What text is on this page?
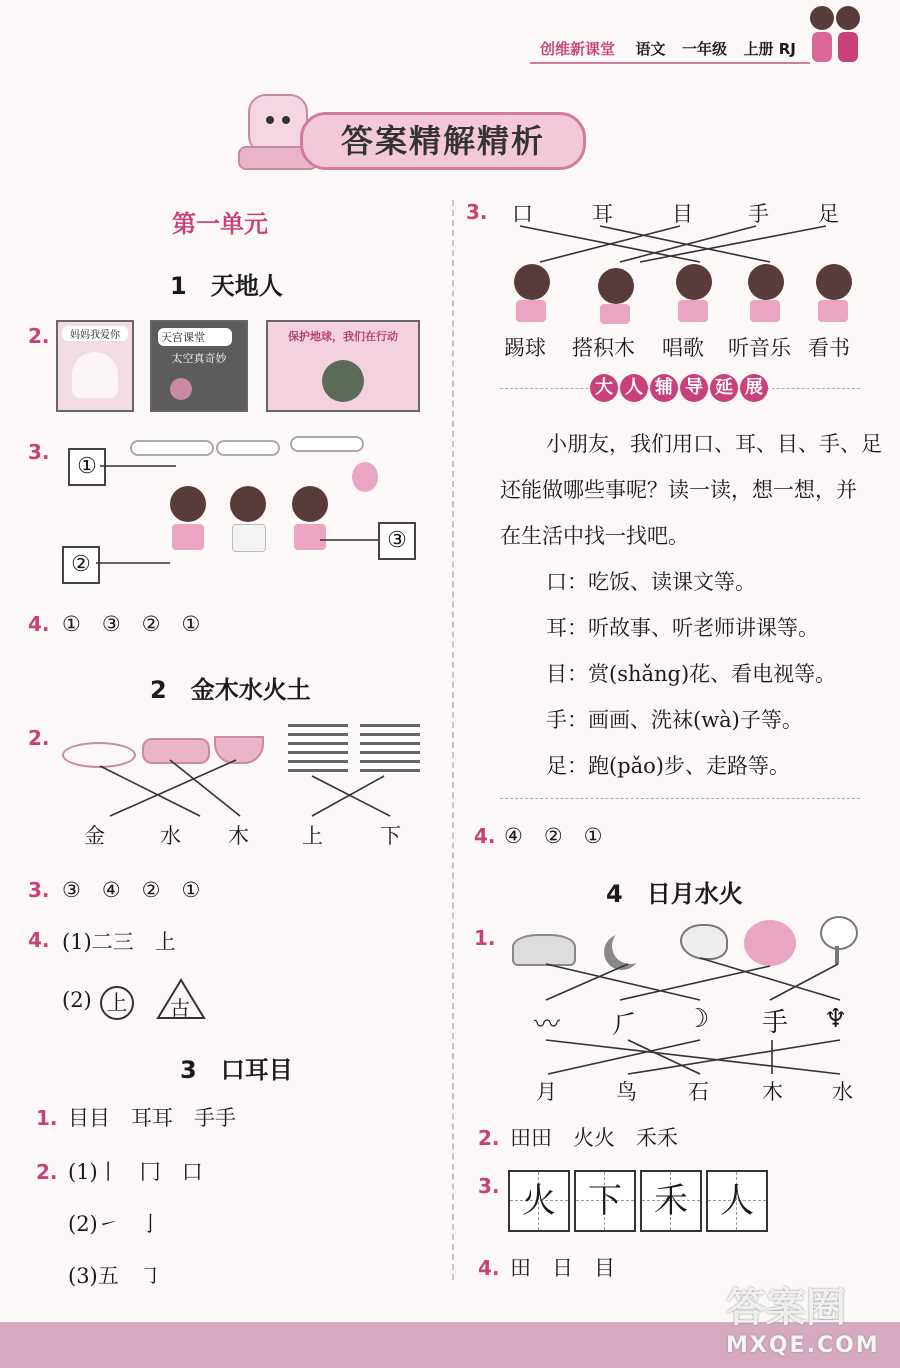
创维新课堂 语文 一年级 上册 RJ
答案精解精析
第一单元
1　天地人
2.	妈妈我爱你	天宫课堂
太空真奇妙
保护地球，我们在行动
3.
①
②
③
4. ①　③　②　①
2　金木水火土
2.
金	水 木	上	下
3. ③　④　②　①
4. (1)二三　上
(2) 上	古
3　口耳目
1. 目目　耳耳　手手
2. (1)丨　冂　口
(2)㇀　亅
(3)五　㇆
3. 口	耳	目	手 足
踢球 搭积木 唱歌 听音乐 看书
大 人 辅 导 延 展
小朋友，我们用口、耳、目、手、足
还能做哪些事呢？读一读，想一想，并
在生活中找一找吧。
口：吃饭、读课文等。
耳：听故事、听老师讲课等。
目：赏(shǎng)花、看电视等。
手：画画、洗袜(wà)子等。
足：跑(pǎo)步、走路等。
4. ④　②　①
4　日月水火
1.
〰 ⺁ ☽ ⼿ ♆
月	鸟 石	木 水
2. 田田　火火　禾禾
3. 火 下 禾 人
4. 田　日　目
答案圈
MXQE.COM
